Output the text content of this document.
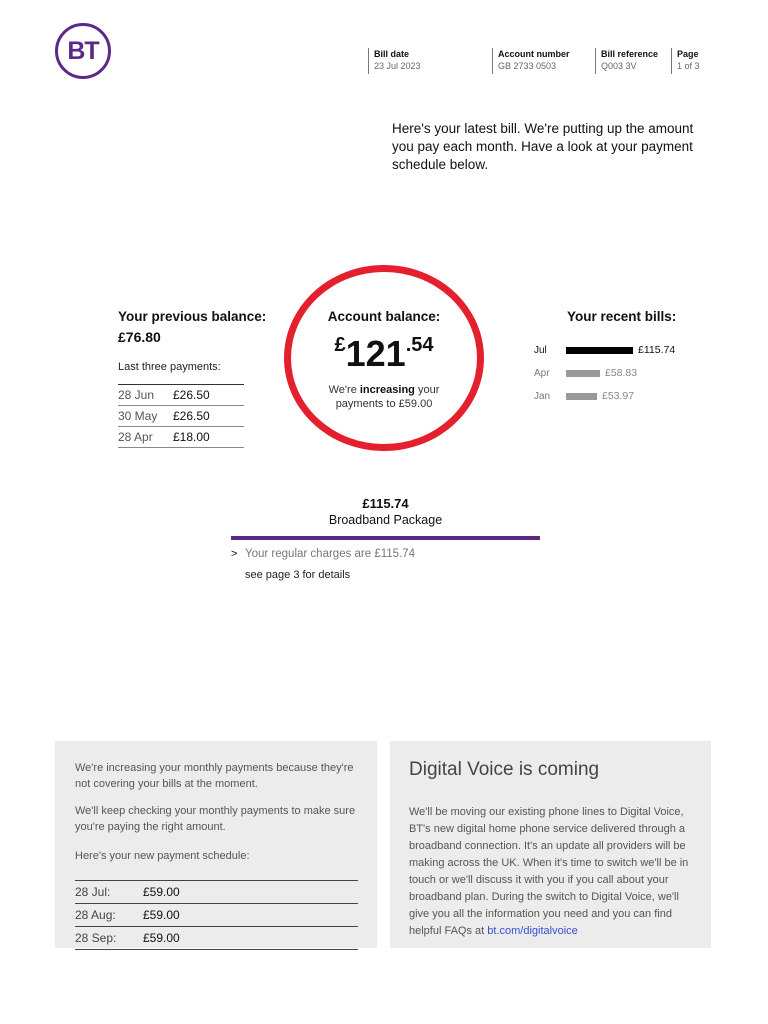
BT	Bill date
23 Jul 2023
Account number
GB 2733 0503
Bill reference
Q003 3V
Page
1 of 3
Here's your latest bill. We're putting up the amount you pay each month. Have a look at your payment schedule below.
Your previous balance:
£76.80
Last three payments:
28 Jun	£26.50
30 May	£26.50
28 Apr	£18.00
Account balance:
$^£121^{.54}$
We're increasing your payments to £59.00
Your recent bills:
Jul	£115.74
Apr	£58.83
Jan	£53.97
£115.74
Broadband Package
> Your regular charges are £115.74
see page 3 for details
We're increasing your monthly payments because they're not covering your bills at the moment.
We'll keep checking your monthly payments to make sure you're paying the right amount.
Here's your new payment schedule:
28 Jul:	£59.00
28 Aug:	£59.00
28 Sep:	£59.00
Digital Voice is coming
We'll be moving our existing phone lines to Digital Voice, BT's new digital home phone service delivered through a broadband connection. It's an update all providers will be making across the UK. When it's time to switch we'll be in touch or we'll discuss it with you if you call about your broadband plan. During the switch to Digital Voice, we'll give you all the information you need and you can find helpful FAQs at bt.com/digitalvoice
